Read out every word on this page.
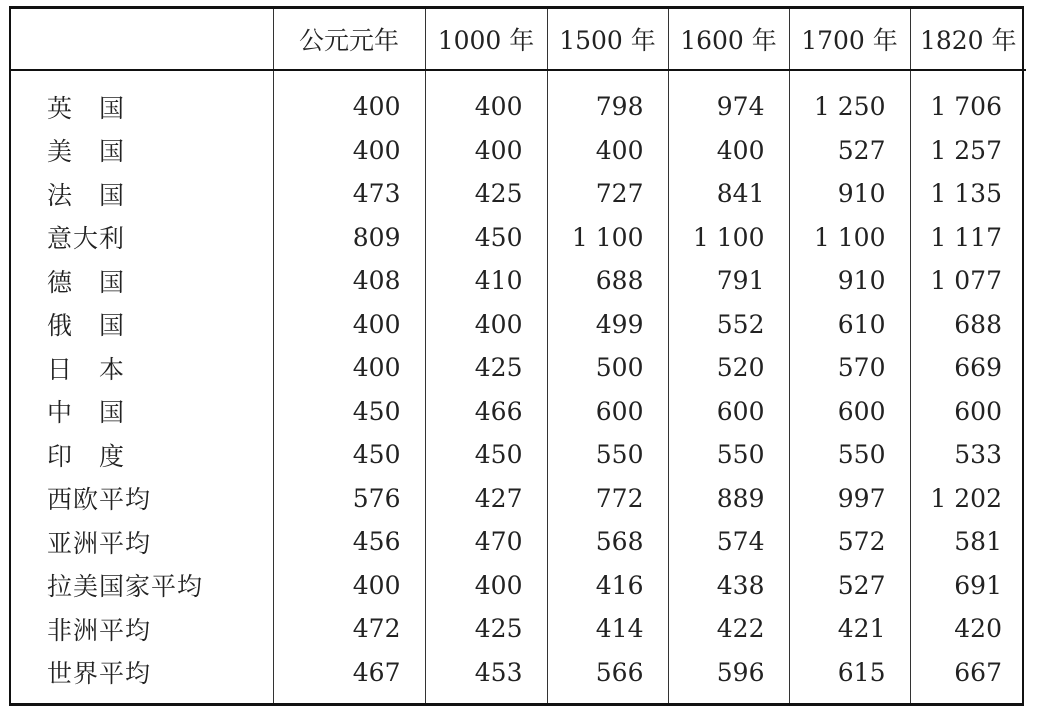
	公元元年	1000 年	1500 年	1600 年	1700 年	1820 年

英　国	400	400	798	974	1 250	1 706
美　国	400	400	400	400	527	1 257
法　国	473	425	727	841	910	1 135
意大利	809	450	1 100	1 100	1 100	1 117
德　国	408	410	688	791	910	1 077
俄　国	400	400	499	552	610	688
日　本	400	425	500	520	570	669
中　国	450	466	600	600	600	600
印　度	450	450	550	550	550	533
西欧平均	576	427	772	889	997	1 202
亚洲平均	456	470	568	574	572	581
拉美国家平均	400	400	416	438	527	691
非洲平均	472	425	414	422	421	420
世界平均	467	453	566	596	615	667
